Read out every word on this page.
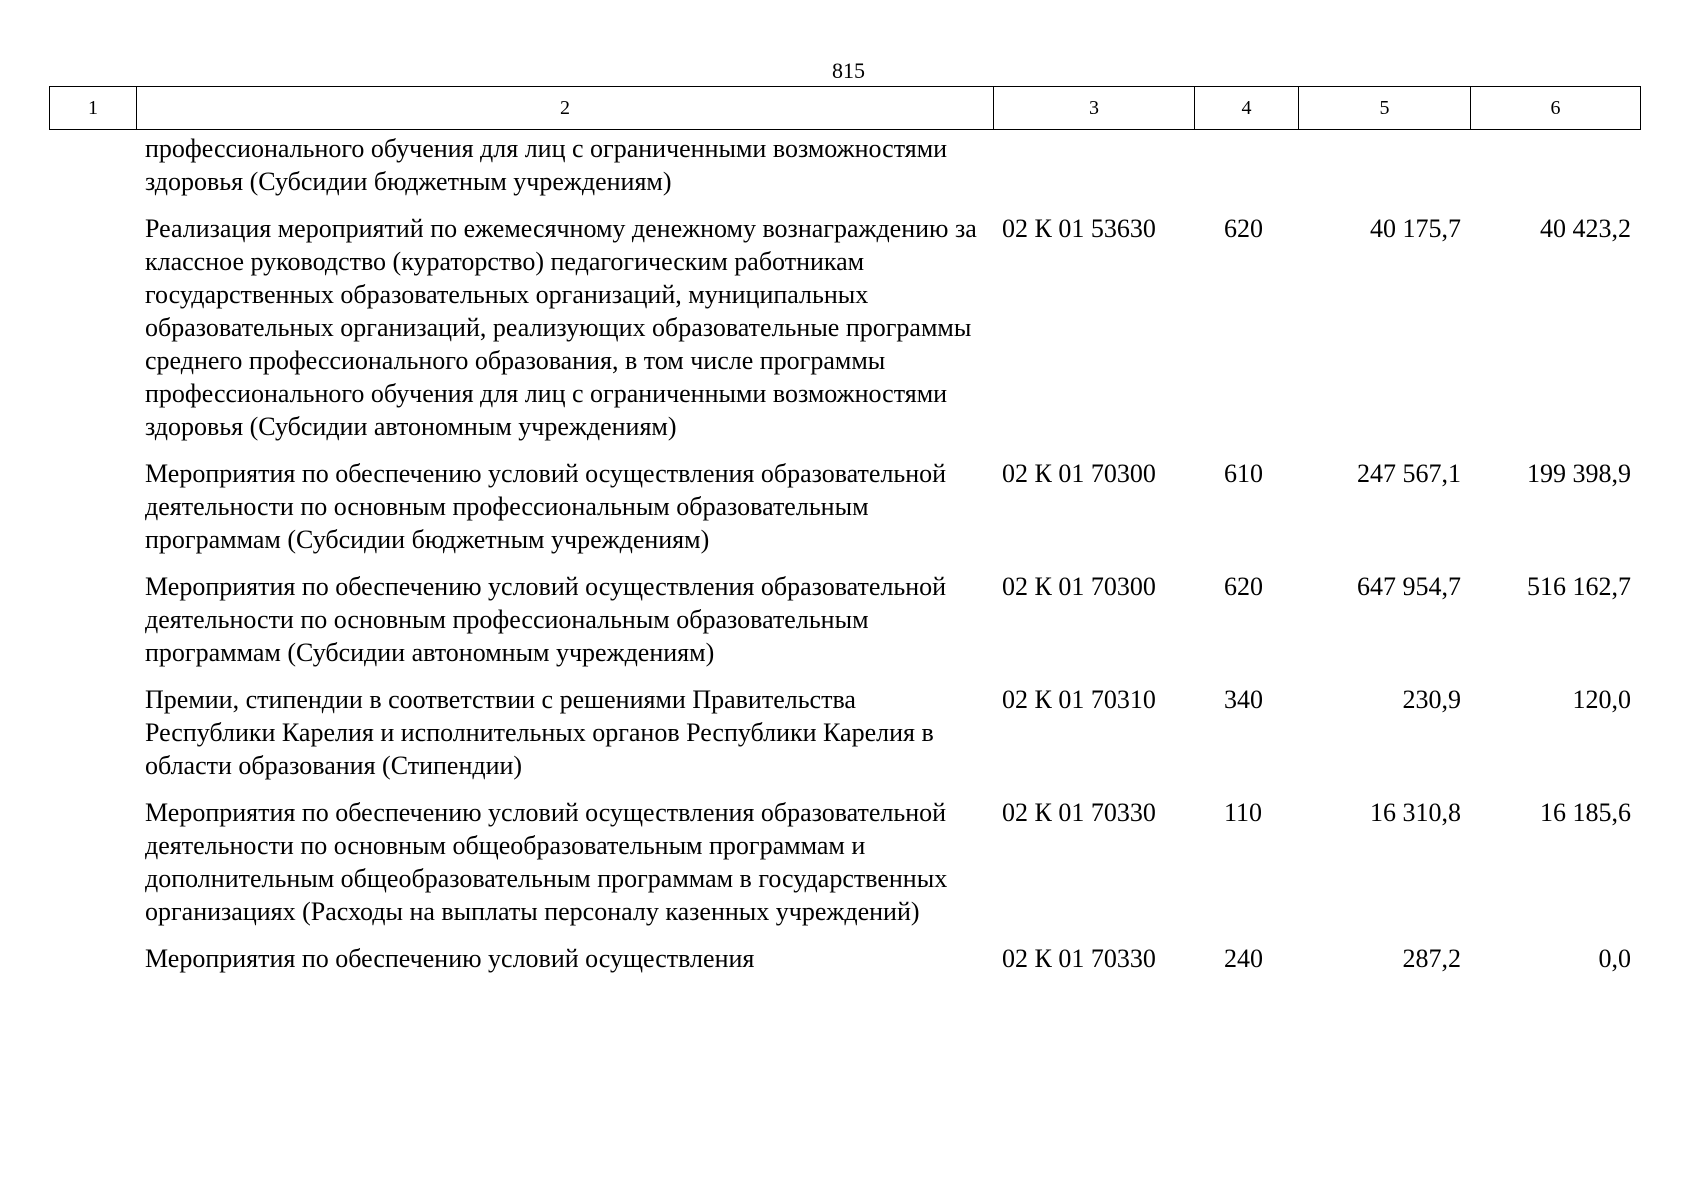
815
1	2	3	4	5	6
	профессионального обучения для лиц с ограниченными возможностями здоровья (Субсидии бюджетным учреждениям)				
	Реализация мероприятий по ежемесячному денежному вознаграждению за классное руководство (кураторство) педагогическим работникам государственных образовательных организаций, муниципальных образовательных организаций, реализующих образовательные программы среднего профессионального образования, в том числе программы профессионального обучения для лиц с ограниченными возможностями здоровья (Субсидии автономным учреждениям)	02 К 01 53630	620	40 175,7	40 423,2
	Мероприятия по обеспечению условий осуществления образовательной деятельности по основным профессиональным образовательным программам (Субсидии бюджетным учреждениям)	02 К 01 70300	610	247 567,1	199 398,9
	Мероприятия по обеспечению условий осуществления образовательной деятельности по основным профессиональным образовательным программам (Субсидии автономным учреждениям)	02 К 01 70300	620	647 954,7	516 162,7
	Премии, стипендии в соответствии с решениями Правительства Республики Карелия и исполнительных органов Республики Карелия в области образования (Стипендии)	02 К 01 70310	340	230,9	120,0
	Мероприятия по обеспечению условий осуществления образовательной деятельности по основным общеобразовательным программам и дополнительным общеобразовательным программам в государственных организациях (Расходы на выплаты персоналу казенных учреждений)	02 К 01 70330	110	16 310,8	16 185,6
	Мероприятия по обеспечению условий осуществления	02 К 01 70330	240	287,2	0,0
